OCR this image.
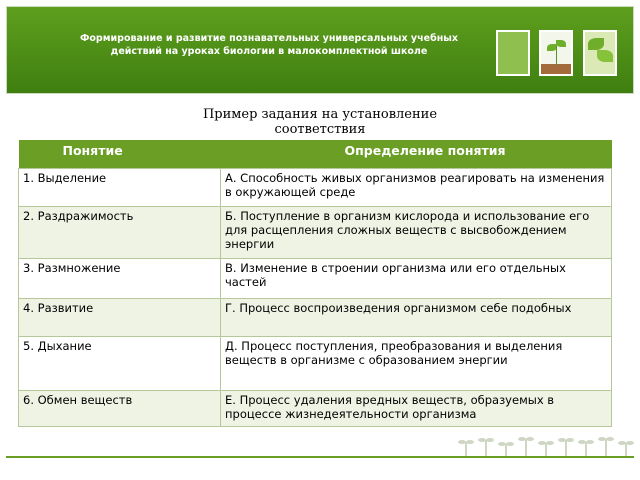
Формирование и развитие познавательных универсальных учебных
действий на уроках биологии в малокомплектной школе
Пример задания на установление
соответствия
Понятие	Определение понятия
1. Выделение	А. Способность живых организмов реагировать на изменения в окружающей среде
2. Раздражимость	Б. Поступление в организм кислорода и использование его для расщепления сложных веществ с высвобождением энергии
3. Размножение	В. Изменение в строении организма или его отдельных частей
4. Развитие	Г. Процесс воспроизведения организмом себе подобных
5. Дыхание	Д. Процесс поступления, преобразования и выделения веществ в организме с образованием энергии
6. Обмен веществ	Е. Процесс удаления вредных веществ, образуемых в процессе жизнедеятельности организма
